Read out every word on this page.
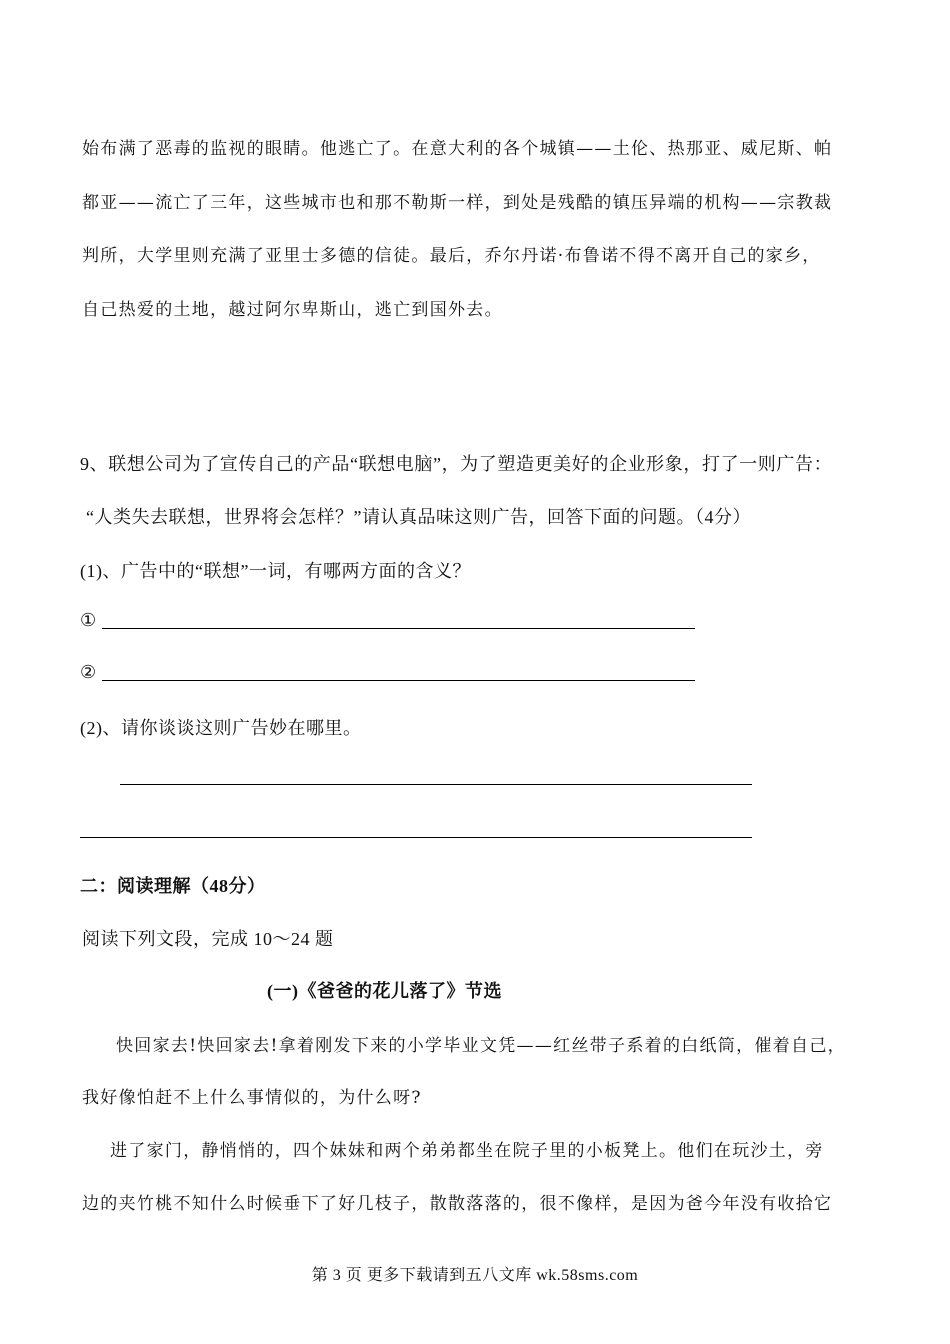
始布满了恶毒的监视的眼睛。他逃亡了。在意大利的各个城镇——土伦、热那亚、威尼斯、帕
都亚——流亡了三年，这些城市也和那不勒斯一样，到处是残酷的镇压异端的机构——宗教裁
判所，大学里则充满了亚里士多德的信徒。最后，乔尔丹诺·布鲁诺不得不离开自己的家乡，
自己热爱的土地，越过阿尔卑斯山，逃亡到国外去。
9、联想公司为了宣传自己的产品“联想电脑”，为了塑造更美好的企业形象，打了一则广告：
“人类失去联想，世界将会怎样？”请认真品味这则广告，回答下面的问题。（4分）
(1)、广告中的“联想”一词，有哪两方面的含义？
①
②
(2)、请你谈谈这则广告妙在哪里。
二：阅读理解（48分）
阅读下列文段，完成 10～24 题
(一)《爸爸的花儿落了》节选
快回家去!快回家去!拿着刚发下来的小学毕业文凭——红丝带子系着的白纸筒，催着自己，
我好像怕赶不上什么事情似的，为什么呀?
进了家门，静悄悄的，四个妹妹和两个弟弟都坐在院子里的小板凳上。他们在玩沙土，旁
边的夹竹桃不知什么时候垂下了好几枝子，散散落落的，很不像样，是因为爸今年没有收拾它
第 3 页 更多下载请到五八文库 wk.58sms.com
